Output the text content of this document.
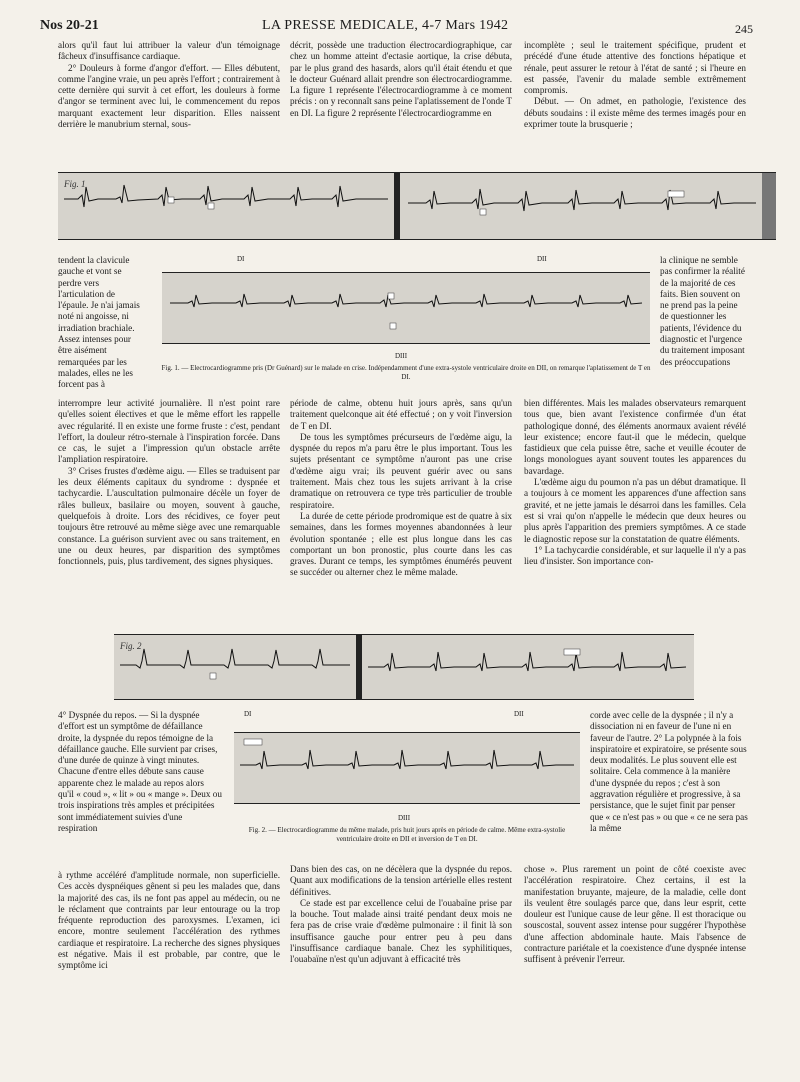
Nos 20-21	LA PRESSE MEDICALE, 4-7 Mars 1942	245

alors qu'il faut lui attribuer la valeur d'un témoignage fâcheux d'insuffisance cardiaque.

2° Douleurs à forme d'angor d'effort. — Elles débutent, comme l'angine vraie, un peu après l'effort ; contrairement à cette dernière qui survit à cet effort, les douleurs à forme d'angor se terminent avec lui, le commencement du repos marquant exactement leur disparition. Elles naissent derrière le manubrium sternal, sous-

décrit, possède une traduction électrocardiographique, car chez un homme atteint d'ectasie aortique, la crise débuta, par le plus grand des hasards, alors qu'il était étendu et que le docteur Guénard allait prendre son électrocardiogramme. La figure 1 représente l'électrocardiogramme à ce moment précis : on y reconnaît sans peine l'aplatissement de l'onde T en DI. La figure 2 représente l'électrocardiogramme en

incomplète ; seul le traitement spécifique, prudent et précédé d'une étude attentive des fonctions hépatique et rénale, peut assurer le retour à l'état de santé ; si l'heure en est passée, l'avenir du malade semble extrêmement compromis.

Début. — On admet, en pathologie, l'existence des débuts soudains : il existe même des termes imagés pour en exprimer toute la brusquerie ;

Fig. 1
DI	DII

tendent la clavicule gauche et vont se perdre vers l'articulation de l'épaule. Je n'ai jamais noté ni angoisse, ni irradiation brachiale. Assez intenses pour être aisément remarquées par les malades, elles ne les forcent pas à

la clinique ne semble pas confirmer la réalité de la majorité de ces faits. Bien souvent on ne prend pas la peine de questionner les patients, l'évidence du diagnostic et l'urgence du traitement imposant des préoccupations

DIII
Fig. 1. — Electrocardiogramme pris (Dr Guénard) sur le malade en crise. Indépendamment d'une extra-systole ventriculaire droite en DII, on remarque l'aplatissement de T en DI.

interrompre leur activité journalière. Il n'est point rare qu'elles soient électives et que le même effort les rappelle avec régularité. Il en existe une forme fruste : c'est, pendant l'effort, la douleur rétro-sternale à l'inspiration forcée. Dans ce cas, le sujet a l'impression qu'un obstacle arrête l'ampliation respiratoire.

3° Crises frustes d'œdème aigu. — Elles se traduisent par les deux éléments capitaux du syndrome : dyspnée et tachycardie. L'auscultation pulmonaire décèle un foyer de râles bulleux, basilaire ou moyen, souvent à gauche, quelquefois à droite. Lors des récidives, ce foyer peut toujours être retrouvé au même siège avec une remarquable constance. La guérison survient avec ou sans traitement, en une ou deux heures, par disparition des symptômes fonctionnels, puis, plus tardivement, des signes physiques.

période de calme, obtenu huit jours après, sans qu'un traitement quelconque ait été effectué ; on y voit l'inversion de T en DI.

De tous les symptômes précurseurs de l'œdème aigu, la dyspnée du repos m'a paru être le plus important. Tous les sujets présentant ce symptôme n'auront pas une crise d'œdème aigu vrai; ils peuvent guérir avec ou sans traitement. Mais chez tous les sujets arrivant à la crise dramatique on retrouvera ce type très particulier de trouble respiratoire.

La durée de cette période prodromique est de quatre à six semaines, dans les formes moyennes abandonnées à leur évolution spontanée ; elle est plus longue dans les cas comportant un bon pronostic, plus courte dans les cas graves. Durant ce temps, les symptômes énumérés peuvent se succéder ou alterner chez le même malade.

bien différentes. Mais les malades observateurs remarquent tous que, bien avant l'existence confirmée d'un état pathologique donné, des éléments anormaux avaient révélé leur existence; encore faut-il que le médecin, quelque fastidieux que cela puisse être, sache et veuille écouter de longs monologues ayant souvent toutes les apparences du bavardage.

L'œdème aigu du poumon n'a pas un début dramatique. Il a toujours à ce moment les apparences d'une affection sans gravité, et ne jette jamais le désarroi dans les familles. Cela est si vrai qu'on n'appelle le médecin que deux heures ou plus après l'apparition des premiers symptômes. A ce stade le diagnostic repose sur la constatation de quatre éléments.

1° La tachycardie considérable, et sur laquelle il n'y a pas lieu d'insister. Son importance con-

Fig. 2
DI	DII

4° Dyspnée du repos. — Si la dyspnée d'effort est un symptôme de défaillance droite, la dyspnée du repos témoigne de la défaillance gauche. Elle survient par crises, d'une durée de quinze à vingt minutes. Chacune d'entre elles débute sans cause apparente chez le malade au repos alors qu'il « coud », « lit » ou « mange ». Deux ou trois inspirations très amples et précipitées sont immédiatement suivies d'une respiration

corde avec celle de la dyspnée ; il n'y a dissociation ni en faveur de l'une ni en faveur de l'autre. 2° La polypnée à la fois inspiratoire et expiratoire, se présente sous deux modalités. Le plus souvent elle est solitaire. Cela commence à la manière d'une dyspnée du repos ; c'est à son aggravation régulière et progressive, à sa persistance, que le sujet finit par penser que « ce n'est pas » ou que « ce ne sera pas la même

DIII
Fig. 2. — Electrocardiogramme du même malade, pris huit jours après en période de calme. Même extra-systolie ventriculaire droite en DII et inversion de T en DI.

à rythme accéléré d'amplitude normale, non superficielle. Ces accès dyspnéiques gênent si peu les malades que, dans la majorité des cas, ils ne font pas appel au médecin, ou ne le réclament que contraints par leur entourage ou la trop fréquente reproduction des paroxysmes. L'examen, ici encore, montre seulement l'accélération des rythmes cardiaque et respiratoire. La recherche des signes physiques est négative. Mais il est probable, par contre, que le symptôme ici

Dans bien des cas, on ne décèlera que la dyspnée du repos. Quant aux modifications de la tension artérielle elles restent définitives.

Ce stade est par excellence celui de l'ouabaïne prise par la bouche. Tout malade ainsi traité pendant deux mois ne fera pas de crise vraie d'œdème pulmonaire : il finit là son insuffisance gauche pour entrer peu à peu dans l'insuffisance cardiaque banale. Chez les syphilitiques, l'ouabaïne n'est qu'un adjuvant à efficacité très

chose ». Plus rarement un point de côté coexiste avec l'accélération respiratoire. Chez certains, il est la manifestation bruyante, majeure, de la maladie, celle dont ils veulent être soulagés parce que, dans leur esprit, cette douleur est l'unique cause de leur gêne. Il est thoracique ou souscostal, souvent assez intense pour suggérer l'hypothèse d'une affection abdominale haute. Mais l'absence de contracture pariétale et la coexistence d'une dyspnée intense suffisent à prévenir l'erreur.
